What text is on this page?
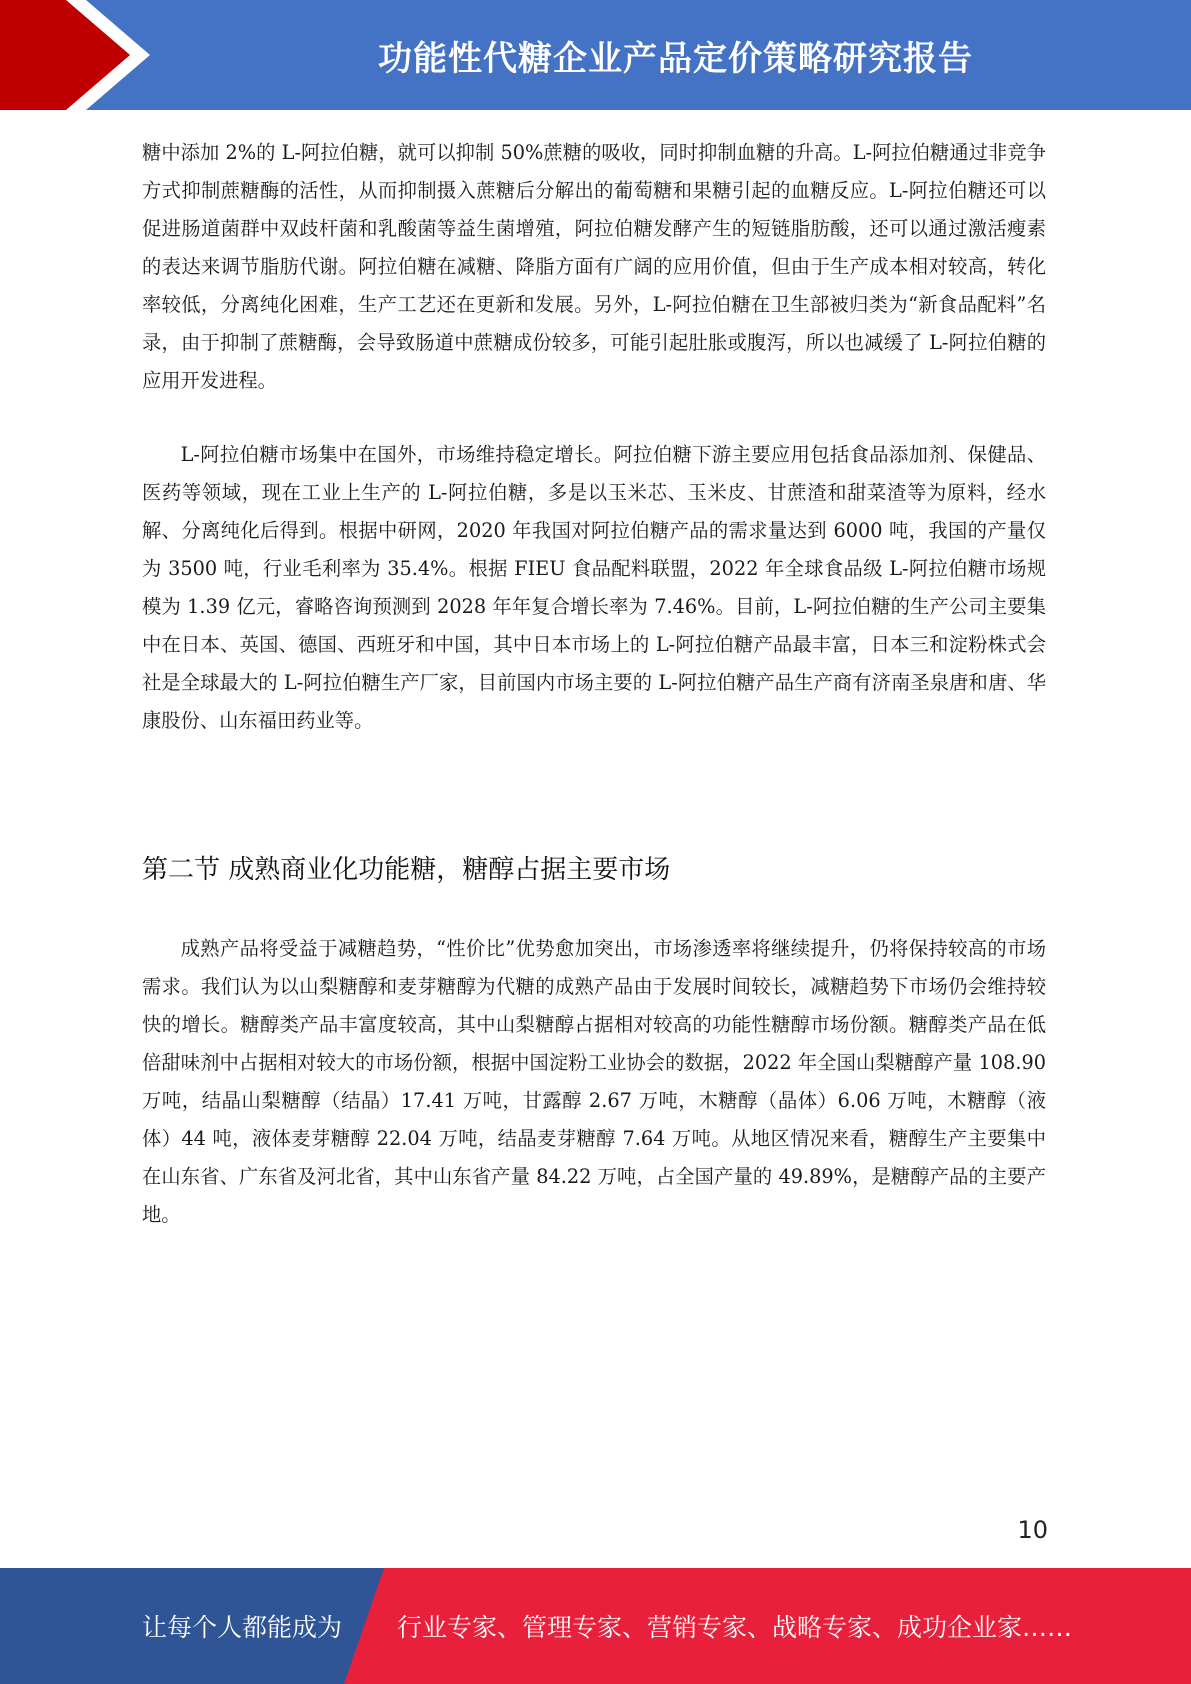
功能性代糖企业产品定价策略研究报告

糖中添加 2%的 L-阿拉伯糖，就可以抑制 50%蔗糖的吸收，同时抑制血糖的升高。L-阿拉伯糖通过非竞争方式抑制蔗糖酶的活性，从而抑制摄入蔗糖后分解出的葡萄糖和果糖引起的血糖反应。L-阿拉伯糖还可以促进肠道菌群中双歧杆菌和乳酸菌等益生菌增殖，阿拉伯糖发酵产生的短链脂肪酸，还可以通过激活瘦素的表达来调节脂肪代谢。阿拉伯糖在减糖、降脂方面有广阔的应用价值，但由于生产成本相对较高，转化率较低，分离纯化困难，生产工艺还在更新和发展。另外，L-阿拉伯糖在卫生部被归类为“新食品配料”名录，由于抑制了蔗糖酶，会导致肠道中蔗糖成份较多，可能引起肚胀或腹泻，所以也减缓了 L-阿拉伯糖的应用开发进程。

L-阿拉伯糖市场集中在国外，市场维持稳定增长。阿拉伯糖下游主要应用包括食品添加剂、保健品、医药等领域，现在工业上生产的 L-阿拉伯糖，多是以玉米芯、玉米皮、甘蔗渣和甜菜渣等为原料，经水解、分离纯化后得到。根据中研网，2020 年我国对阿拉伯糖产品的需求量达到 6000 吨，我国的产量仅为 3500 吨，行业毛利率为 35.4%。根据 FIEU 食品配料联盟，2022 年全球食品级 L-阿拉伯糖市场规模为 1.39 亿元，睿略咨询预测到 2028 年年复合增长率为 7.46%。目前，L-阿拉伯糖的生产公司主要集中在日本、英国、德国、西班牙和中国，其中日本市场上的 L-阿拉伯糖产品最丰富，日本三和淀粉株式会社是全球最大的 L-阿拉伯糖生产厂家，目前国内市场主要的 L-阿拉伯糖产品生产商有济南圣泉唐和唐、华康股份、山东福田药业等。

第二节 成熟商业化功能糖，糖醇占据主要市场

成熟产品将受益于减糖趋势，“性价比”优势愈加突出，市场渗透率将继续提升，仍将保持较高的市场需求。我们认为以山梨糖醇和麦芽糖醇为代糖的成熟产品由于发展时间较长，减糖趋势下市场仍会维持较快的增长。糖醇类产品丰富度较高，其中山梨糖醇占据相对较高的功能性糖醇市场份额。糖醇类产品在低倍甜味剂中占据相对较大的市场份额，根据中国淀粉工业协会的数据，2022 年全国山梨糖醇产量 108.90 万吨，结晶山梨糖醇（结晶）17.41 万吨，甘露醇 2.67 万吨，木糖醇（晶体）6.06 万吨，木糖醇（液体）44 吨，液体麦芽糖醇 22.04 万吨，结晶麦芽糖醇 7.64 万吨。从地区情况来看，糖醇生产主要集中在山东省、广东省及河北省，其中山东省产量 84.22 万吨，占全国产量的 49.89%，是糖醇产品的主要产地。

10
让每个人都能成为 行业专家、管理专家、营销专家、战略专家、成功企业家……
